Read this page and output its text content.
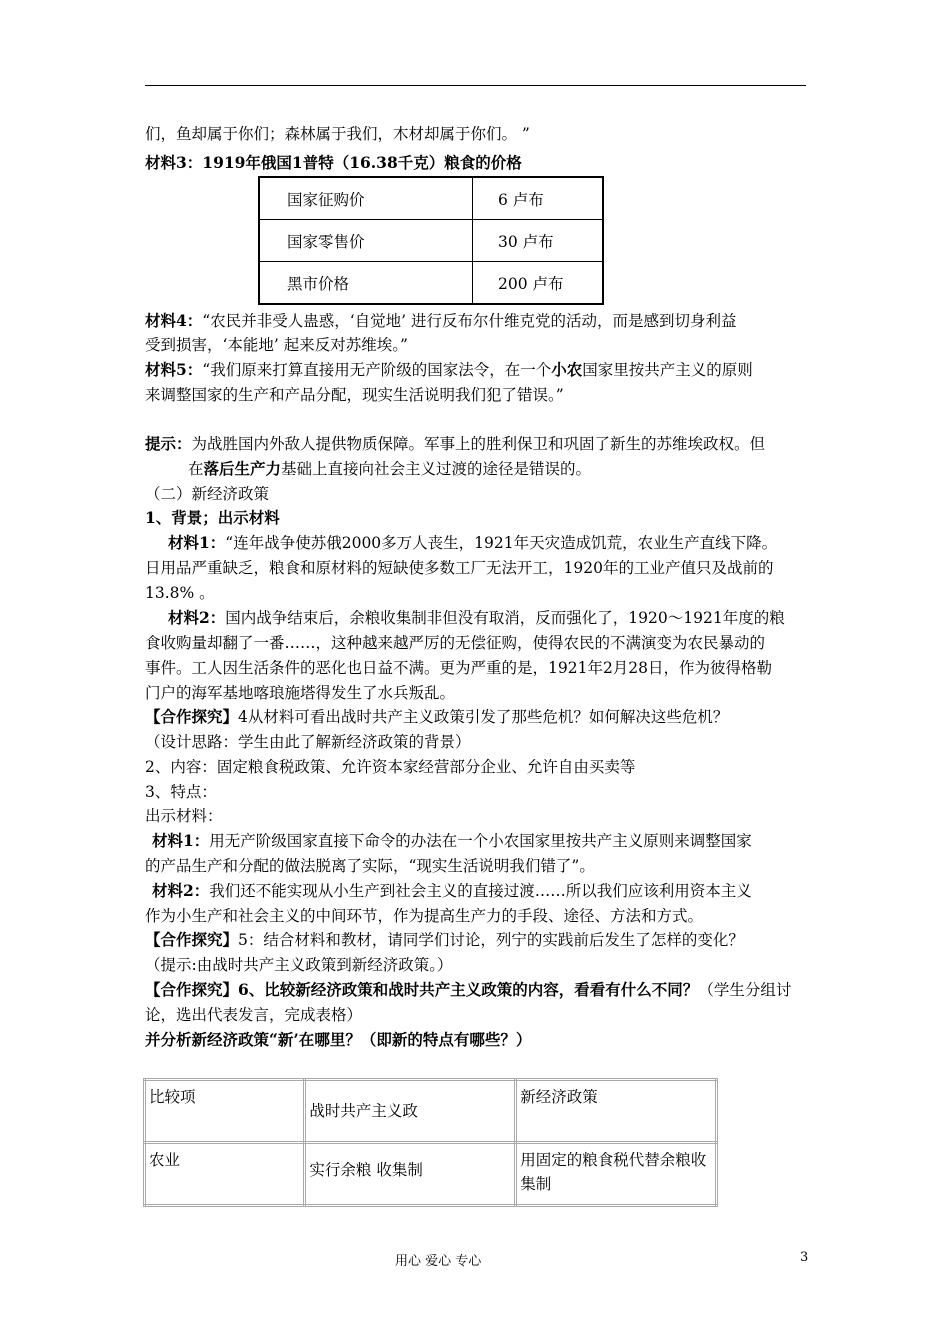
们，鱼却属于你们；森林属于我们，木材却属于你们。 ”
材料3：1919年俄国1普特（16.38千克）粮食的价格
国家征购价	6 卢布
国家零售价	30 卢布
黑市价格	200 卢布
材料4：“农民并非受人蛊惑，‘自觉地’ 进行反布尔什维克党的活动，而是感到切身利益
受到损害，‘本能地’ 起来反对苏维埃。”
材料5：“我们原来打算直接用无产阶级的国家法令，在一个小农国家里按共产主义的原则
来调整国家的生产和产品分配，现实生活说明我们犯了错误。”
提示：为战胜国内外敌人提供物质保障。军事上的胜利保卫和巩固了新生的苏维埃政权。但
在落后生产力基础上直接向社会主义过渡的途径是错误的。
（二）新经济政策
1、背景；出示材料
材料1：“连年战争使苏俄2000多万人丧生，1921年天灾造成饥荒，农业生产直线下降。
日用品严重缺乏，粮食和原材料的短缺使多数工厂无法开工，1920年的工业产值只及战前的
13.8% 。
材料2：国内战争结束后，余粮收集制非但没有取消，反而强化了，1920～1921年度的粮
食收购量却翻了一番……，这种越来越严厉的无偿征购，使得农民的不满演变为农民暴动的
事件。工人因生活条件的恶化也日益不满。更为严重的是，1921年2月28日，作为彼得格勒
门户的海军基地喀琅施塔得发生了水兵叛乱。
【合作探究】4从材料可看出战时共产主义政策引发了那些危机？如何解决这些危机？
（设计思路：学生由此了解新经济政策的背景）
2、内容：固定粮食税政策、允许资本家经营部分企业、允许自由买卖等
3、特点：
出示材料：
材料1：用无产阶级国家直接下命令的办法在一个小农国家里按共产主义原则来调整国家
的产品生产和分配的做法脱离了实际，“现实生活说明我们错了”。
材料2：我们还不能实现从小生产到社会主义的直接过渡……所以我们应该利用资本主义
作为小生产和社会主义的中间环节，作为提高生产力的手段、途径、方法和方式。
【合作探究】5：结合材料和教材，请同学们讨论，列宁的实践前后发生了怎样的变化？
（提示:由战时共产主义政策到新经济政策。）
【合作探究】6、比较新经济政策和战时共产主义政策的内容，看看有什么不同？（学生分组讨
论，选出代表发言，完成表格）
并分析新经济政策“新’在哪里？（即新的特点有哪些？）
比较项	战时共产主义政	新经济政策
农业	实行余粮 收集制	用固定的粮食税代替余粮收集制
用心 爱心 专心	3
